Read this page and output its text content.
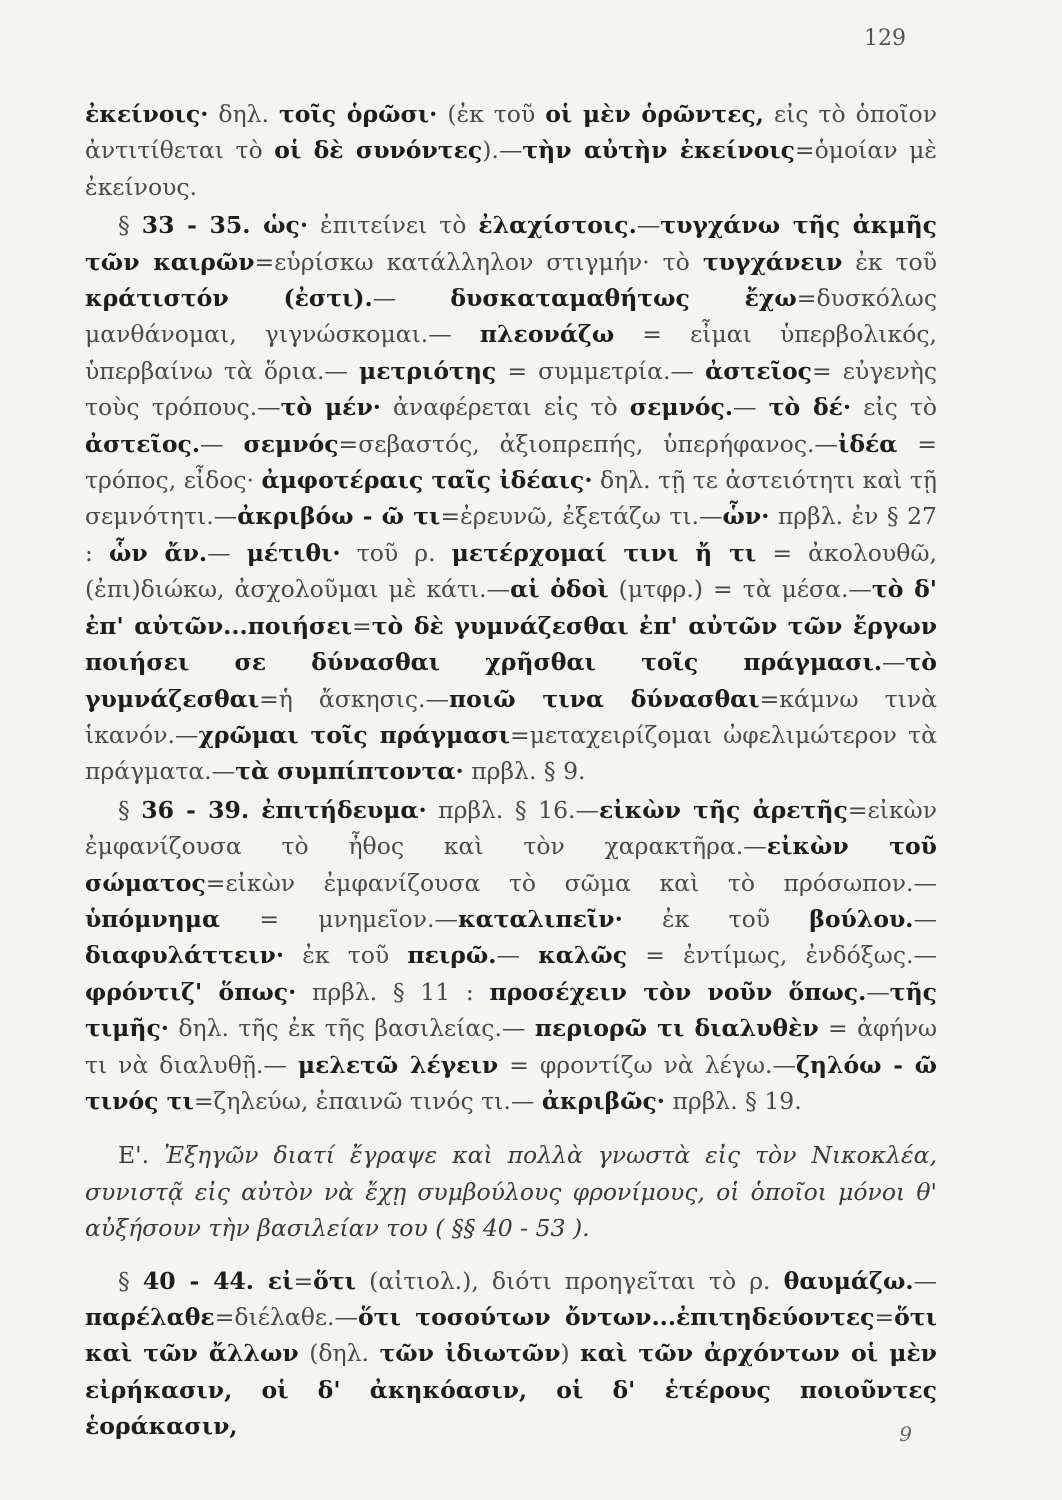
129

ἐκείνοις· δηλ. τοῖς ὁρῶσι· (ἐκ τοῦ οἱ μὲν ὁρῶντες, εἰς τὸ ὁποῖον ἀντιτίθεται τὸ οἱ δὲ συνόντες).—τὴν αὐτὴν ἐκείνοις=ὁμοίαν μὲ ἐκείνους.

§ 33 - 35. ὡς· ἐπιτείνει τὸ ἐλαχίστοις.—τυγχάνω τῆς ἀκμῆς τῶν καιρῶν=εὑρίσκω κατάλληλον στιγμήν· τὸ τυγχάνειν ἐκ τοῦ κράτιστόν (ἐστι).— δυσκαταμαθήτως ἔχω=δυσκόλως μανθάνομαι, γιγνώσκομαι.— πλεονάζω = εἶμαι ὑπερβολικός, ὑπερβαίνω τὰ ὅρια.— μετριότης = συμμετρία.— ἀστεῖος= εὐγενὴς τοὺς τρόπους.—τὸ μέν· ἀναφέρεται εἰς τὸ σεμνός.— τὸ δέ· εἰς τὸ ἀστεῖος.— σεμνός=σεβαστός, ἀξιοπρεπής, ὑπερήφανος.—ἰδέα = τρόπος, εἶδος· ἀμφοτέραις ταῖς ἰδέαις· δηλ. τῇ τε ἀστειότητι καὶ τῇ σεμνότητι.—ἀκριβόω - ῶ τι=ἐρευνῶ, ἐξετάζω τι.—ὧν· πρβλ. ἐν § 27 : ὧν ἄν.— μέτιθι· τοῦ ρ. μετέρχομαί τινι ἤ τι = ἀκολουθῶ, (ἐπι)διώκω, ἀσχολοῦμαι μὲ κάτι.—αἱ ὁδοὶ (μτφρ.) = τὰ μέσα.—τὸ δ' ἐπ' αὐτῶν...ποιήσει=τὸ δὲ γυμνάζεσθαι ἐπ' αὐτῶν τῶν ἔργων ποιήσει σε δύνασθαι χρῆσθαι τοῖς πράγμασι.—τὸ γυμνάζεσθαι=ἡ ἄσκησις.—ποιῶ τινα δύνασθαι=κάμνω τινὰ ἱκανόν.—χρῶμαι τοῖς πράγμασι=μεταχειρίζομαι ὠφελιμώτερον τὰ πράγματα.—τὰ συμπίπτοντα· πρβλ. § 9.

§ 36 - 39. ἐπιτήδευμα· πρβλ. § 16.—εἰκὼν τῆς ἀρετῆς=εἰκὼν ἐμφανίζουσα τὸ ἦθος καὶ τὸν χαρακτῆρα.—εἰκὼν τοῦ σώματος=εἰκὼν ἐμφανίζουσα τὸ σῶμα καὶ τὸ πρόσωπον.— ὑπόμνημα = μνημεῖον.—καταλιπεῖν· ἐκ τοῦ βούλου.—διαφυλάττειν· ἐκ τοῦ πειρῶ.— καλῶς = ἐντίμως, ἐνδόξως.— φρόντιζ' ὅπως· πρβλ. § 11 : προσέχειν τὸν νοῦν ὅπως.—τῆς τιμῆς· δηλ. τῆς ἐκ τῆς βασιλείας.— περιορῶ τι διαλυθὲν = ἀφήνω τι νὰ διαλυθῇ.— μελετῶ λέγειν = φροντίζω νὰ λέγω.—ζηλόω - ῶ τινός τι=ζηλεύω, ἐπαινῶ τινός τι.— ἀκριβῶς· πρβλ. § 19.

Ε'. Ἐξηγῶν διατί ἔγραψε καὶ πολλὰ γνωστὰ εἰς τὸν Νικοκλέα, συνιστᾷ εἰς αὐτὸν νὰ ἔχῃ συμβούλους φρονίμους, οἱ ὁποῖοι μόνοι θ' αὐξήσουν τὴν βασιλείαν του ( §§ 40 - 53 ).

§ 40 - 44. εἰ=ὅτι (αἰτιολ.), διότι προηγεῖται τὸ ρ. θαυμάζω.— παρέλαθε=διέλαθε.—ὅτι τοσούτων ὄντων...ἐπιτηδεύοντες=ὅτι καὶ τῶν ἄλλων (δηλ. τῶν ἰδιωτῶν) καὶ τῶν ἀρχόντων οἱ μὲν εἰρήκασιν, οἱ δ' ἀκηκόασιν, οἱ δ' ἑτέρους ποιοῦντες ἑοράκασιν,	9
